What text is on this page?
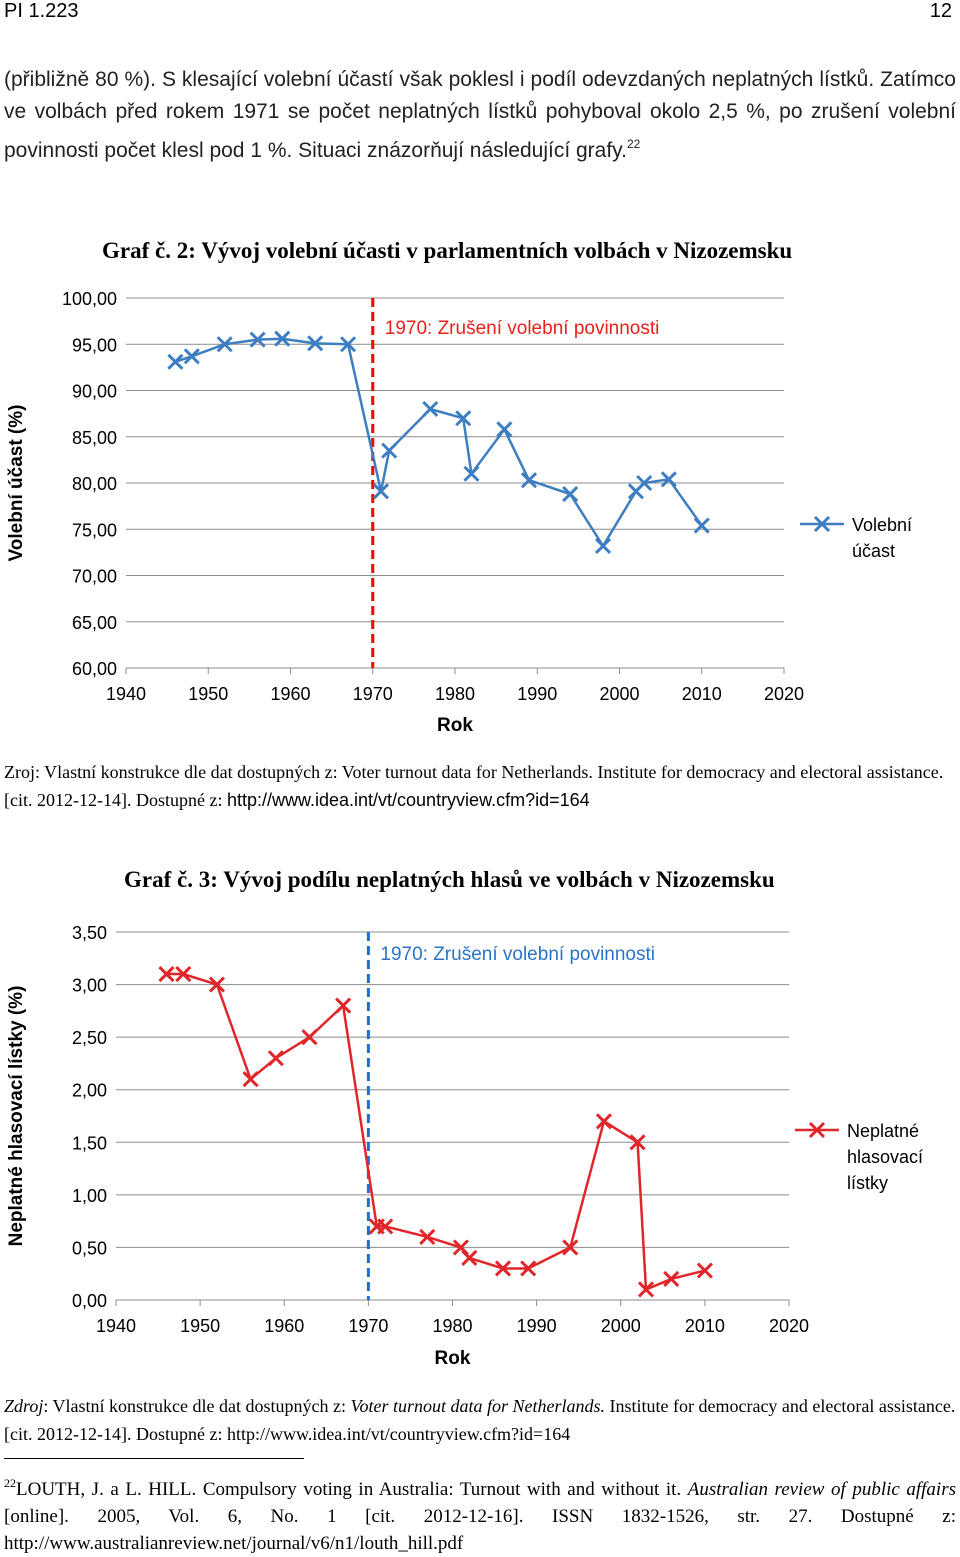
PI 1.223	12
(přibližně 80 %). S klesající volební účastí však poklesl i podíl odevzdaných neplatných lístků. Zatímco ve volbách před rokem 1971 se počet neplatných lístků pohyboval okolo 2,5 %, po zrušení volební povinnosti počet klesl pod 1 %. Situaci znázorňují následující grafy.$^{22}$
Graf č. 2: Vývoj volební účasti v parlamentních volbách v Nizozemsku
60,00
65,00
70,00
75,00
80,00
85,00
90,00
95,00
100,00
1940 1950 1960 1970 1980 1990 2000 2010 2020
Rok
Volební účast (%)
1970: Zrušení volební povinnosti
Volební
účast
Zroj: Vlastní konstrukce dle dat dostupných z: Voter turnout data for Netherlands. Institute for democracy and electoral assistance. [cit. 2012-12-14]. Dostupné z: http://www.idea.int/vt/countryview.cfm?id=164
Graf č. 3: Vývoj podílu neplatných hlasů ve volbách v Nizozemsku
0,00
0,50
1,00
1,50
2,00
2,50
3,00
3,50
1940 1950 1960 1970 1980 1990 2000 2010 2020
Rok
Neplatné hlasovací lístky (%)
1970: Zrušení volební povinnosti
Neplatné
hlasovací
lístky
Zdroj: Vlastní konstrukce dle dat dostupných z: Voter turnout data for Netherlands. Institute for democracy and electoral assistance. [cit. 2012-12-14]. Dostupné z: http://www.idea.int/vt/countryview.cfm?id=164
$^{22}$LOUTH, J. a L. HILL. Compulsory voting in Australia: Turnout with and without it. Australian review of public affairs [online]. 2005, Vol. 6, No. 1 [cit. 2012-12-16]. ISSN 1832-1526, str. 27. Dostupné z: http://www.australianreview.net/journal/v6/n1/louth_hill.pdf
